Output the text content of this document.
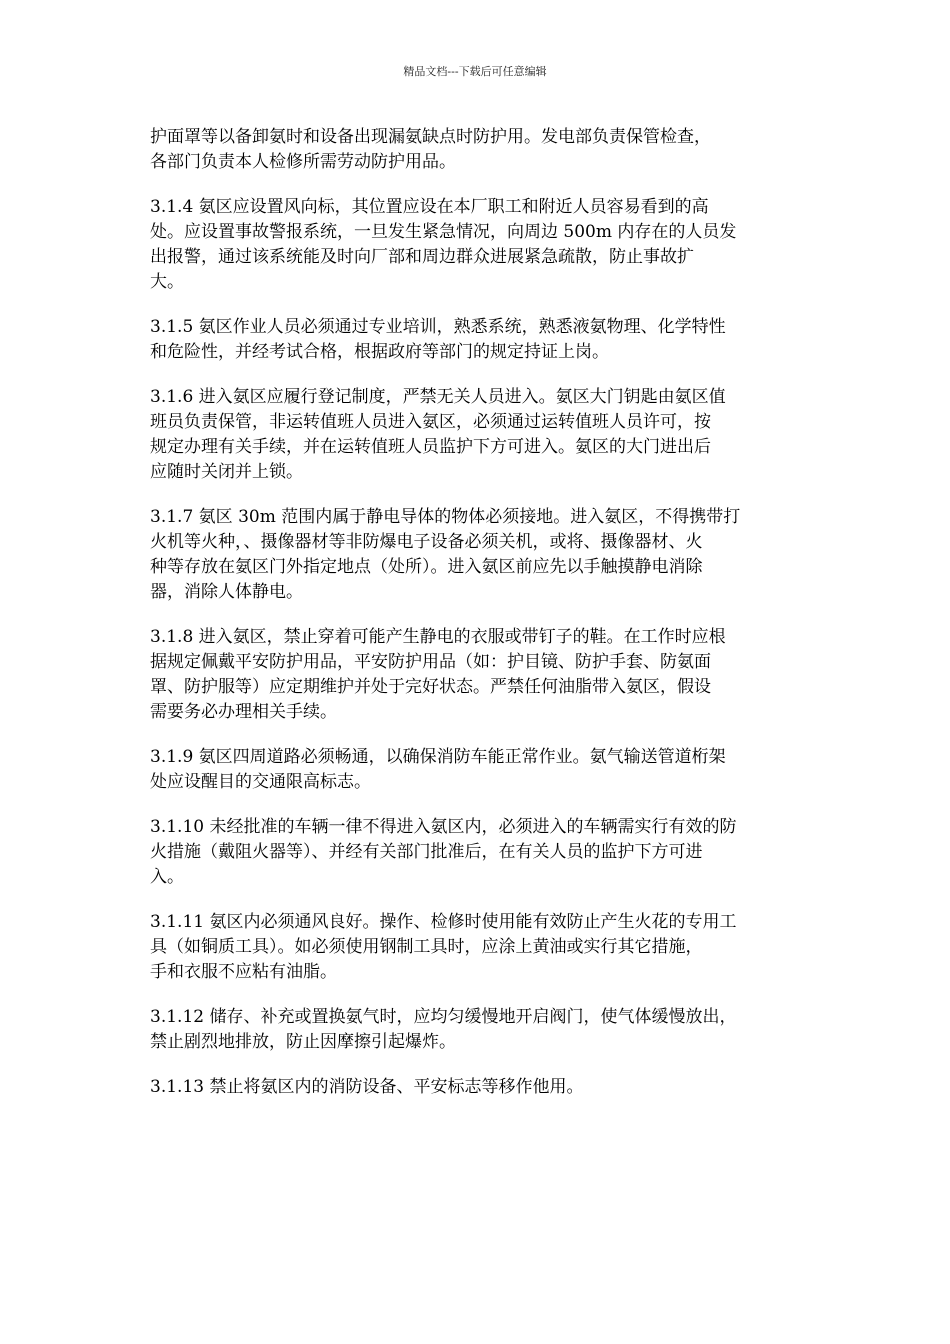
精品文档---下载后可任意编辑

护面罩等以备卸氨时和设备出现漏氨缺点时防护用。发电部负责保管检查，
各部门负责本人检修所需劳动防护用品。

3.1.4 氨区应设置风向标，其位置应设在本厂职工和附近人员容易看到的高
处。应设置事故警报系统，一旦发生紧急情况，向周边 500m 内存在的人员发
出报警，通过该系统能及时向厂部和周边群众进展紧急疏散，防止事故扩
大。

3.1.5 氨区作业人员必须通过专业培训，熟悉系统，熟悉液氨物理、化学特性
和危险性，并经考试合格，根据政府等部门的规定持证上岗。

3.1.6 进入氨区应履行登记制度，严禁无关人员进入。氨区大门钥匙由氨区值
班员负责保管，非运转值班人员进入氨区，必须通过运转值班人员许可，按
规定办理有关手续，并在运转值班人员监护下方可进入。氨区的大门进出后
应随时关闭并上锁。

3.1.7 氨区 30m 范围内属于静电导体的物体必须接地。进入氨区，不得携带打
火机等火种，、摄像器材等非防爆电子设备必须关机，或将、摄像器材、火
种等存放在氨区门外指定地点（处所）。进入氨区前应先以手触摸静电消除
器，消除人体静电。

3.1.8 进入氨区，禁止穿着可能产生静电的衣服或带钉子的鞋。在工作时应根
据规定佩戴平安防护用品，平安防护用品（如：护目镜、防护手套、防氨面
罩、防护服等）应定期维护并处于完好状态。严禁任何油脂带入氨区，假设
需要务必办理相关手续。

3.1.9 氨区四周道路必须畅通，以确保消防车能正常作业。氨气输送管道桁架
处应设醒目的交通限高标志。

3.1.10 未经批准的车辆一律不得进入氨区内，必须进入的车辆需实行有效的防
火措施（戴阻火器等）、并经有关部门批准后，在有关人员的监护下方可进
入。

3.1.11 氨区内必须通风良好。操作、检修时使用能有效防止产生火花的专用工
具（如铜质工具）。如必须使用钢制工具时，应涂上黄油或实行其它措施，
手和衣服不应粘有油脂。

3.1.12 储存、补充或置换氨气时，应均匀缓慢地开启阀门，使气体缓慢放出，
禁止剧烈地排放，防止因摩擦引起爆炸。

3.1.13 禁止将氨区内的消防设备、平安标志等移作他用。
